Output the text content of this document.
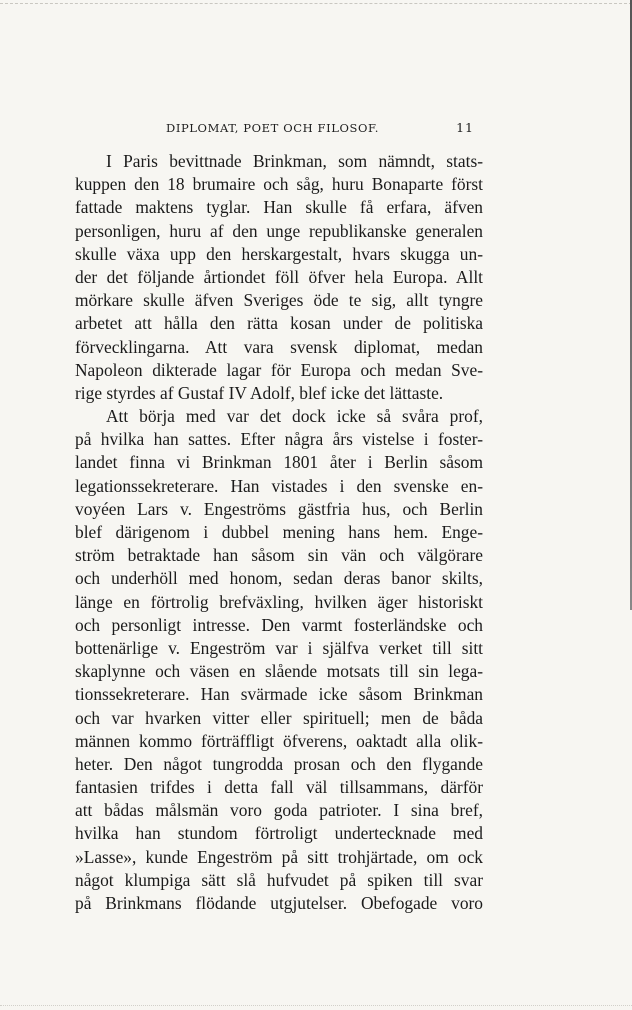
DIPLOMAT, POET OCH FILOSOF.	11
I Paris bevittnade Brinkman, som nämndt, stats-
kuppen den 18 brumaire och såg, huru Bonaparte först
fattade maktens tyglar. Han skulle få erfara, äfven
personligen, huru af den unge republikanske generalen
skulle växa upp den herskargestalt, hvars skugga un-
der det följande årtiondet föll öfver hela Europa. Allt
mörkare skulle äfven Sveriges öde te sig, allt tyngre
arbetet att hålla den rätta kosan under de politiska
förvecklingarna. Att vara svensk diplomat, medan
Napoleon dikterade lagar för Europa och medan Sve-
rige styrdes af Gustaf IV Adolf, blef icke det lättaste.
Att börja med var det dock icke så svåra prof,
på hvilka han sattes. Efter några års vistelse i foster-
landet finna vi Brinkman 1801 åter i Berlin såsom
legationssekreterare. Han vistades i den svenske en-
voyéen Lars v. Engeströms gästfria hus, och Berlin
blef därigenom i dubbel mening hans hem. Enge-
ström betraktade han såsom sin vän och välgörare
och underhöll med honom, sedan deras banor skilts,
länge en förtrolig brefväxling, hvilken äger historiskt
och personligt intresse. Den varmt fosterländske och
bottenärlige v. Engeström var i själfva verket till sitt
skaplynne och väsen en slående motsats till sin lega-
tionssekreterare. Han svärmade icke såsom Brinkman
och var hvarken vitter eller spirituell; men de båda
männen kommo förträffligt öfverens, oaktadt alla olik-
heter. Den något tungrodda prosan och den flygande
fantasien trifdes i detta fall väl tillsammans, därför
att bådas målsmän voro goda patrioter. I sina bref,
hvilka han stundom förtroligt undertecknade med
»Lasse», kunde Engeström på sitt trohjärtade, om ock
något klumpiga sätt slå hufvudet på spiken till svar
på Brinkmans flödande utgjutelser. Obefogade voro
